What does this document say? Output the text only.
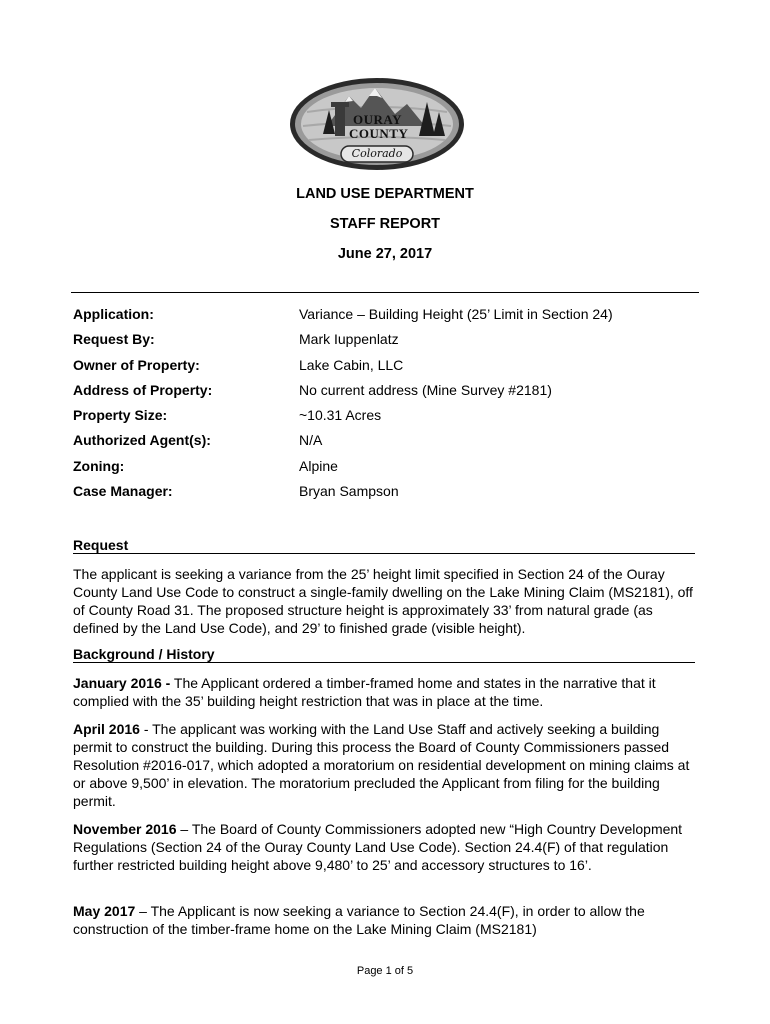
OURAY
COUNTY
Colorado
LAND USE DEPARTMENT
STAFF REPORT
June 27, 2017
Application:	Variance – Building Height (25’ Limit in Section 24)
Request By:	Mark Iuppenlatz
Owner of Property:	Lake Cabin, LLC
Address of Property:	No current address (Mine Survey #2181)
Property Size:	~10.31 Acres
Authorized Agent(s):	N/A
Zoning:	Alpine
Case Manager:	Bryan Sampson
Request
The applicant is seeking a variance from the 25’ height limit specified in Section 24 of the Ouray County Land Use Code to construct a single-family dwelling on the Lake Mining Claim (MS2181), off of County Road 31. The proposed structure height is approximately 33’ from natural grade (as defined by the Land Use Code), and 29’ to finished grade (visible height).
Background / History
January 2016 - The Applicant ordered a timber-framed home and states in the narrative that it complied with the 35’ building height restriction that was in place at the time.
April 2016 - The applicant was working with the Land Use Staff and actively seeking a building permit to construct the building. During this process the Board of County Commissioners passed Resolution #2016-017, which adopted a moratorium on residential development on mining claims at or above 9,500’ in elevation. The moratorium precluded the Applicant from filing for the building permit.
November 2016 – The Board of County Commissioners adopted new “High Country Development Regulations (Section 24 of the Ouray County Land Use Code). Section 24.4(F) of that regulation further restricted building height above 9,480’ to 25’ and accessory structures to 16’.
May 2017 – The Applicant is now seeking a variance to Section 24.4(F), in order to allow the construction of the timber-frame home on the Lake Mining Claim (MS2181)
Page 1 of 5
